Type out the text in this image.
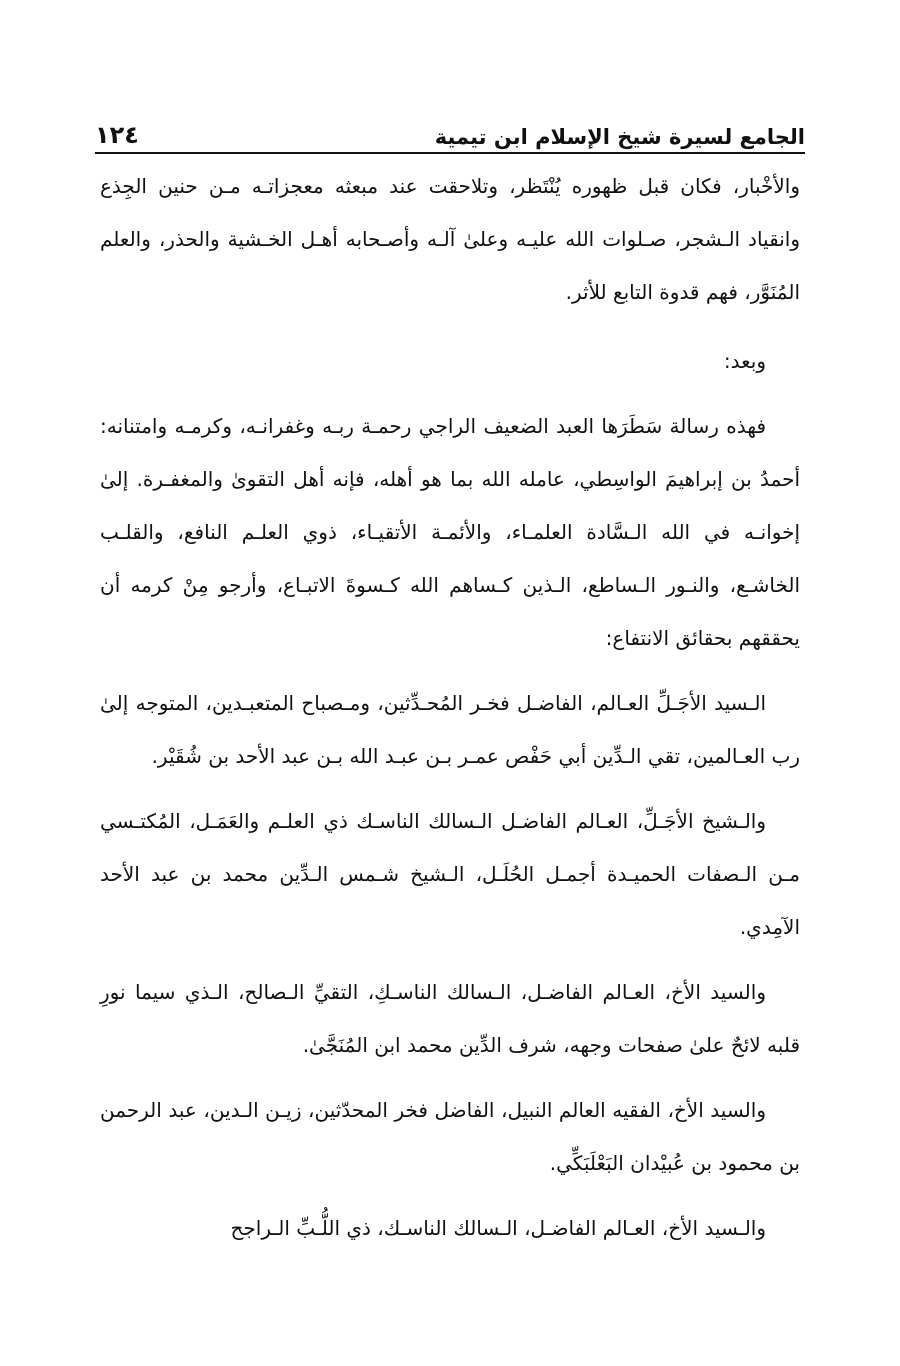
١٢٤	الجامع لسيرة شيخ الإسلام ابن تيمية

والأخْبار، فكان قبل ظهوره يُنْتَظر، وتلاحقت عند مبعثه معجزاتـه مـن حنين الجِذع وانقياد الـشجر، صـلوات الله عليـه وعلىٰ آلـه وأصـحابه أهـل الخـشية والحذر، والعلم المُنَوَّر، فهم قدوة التابع للأثر.

وبعد:

فهذه رسالة سَطَرَها العبد الضعيف الراجي رحمـة ربـه وغفرانـه، وكرمـه وامتنانه: أحمدُ بن إبراهيمَ الواسِطي، عامله الله بما هو أهله، فإنه أهل التقوىٰ والمغفـرة. إلىٰ إخوانـه في الله الـسَّادة العلمـاء، والأئمـة الأتقيـاء، ذوي العلـم النافع، والقلـب الخاشـع، والنـور الـساطع، الـذين كـساهم الله كـسوةَ الاتبـاع، وأرجو مِنْ كرمه أن يحققهم بحقائق الانتفاع:

الـسيد الأجَـلِّ العـالم، الفاضـل فخـر المُحـدِّثين، ومـصباح المتعبـدين، المتوجه إلىٰ رب العـالمين، تقي الـدِّين أبي حَفْص عمـر بـن عبـد الله بـن عبد الأحد بن شُقَيْر.

والـشيخ الأجَـلِّ، العـالم الفاضـل الـسالك الناسـك ذي العلـم والعَمَـل، المُكتـسي مـن الـصفات الحميـدة أجمـل الحُلَـل، الـشيخ شـمس الـدِّين محمد بن عبد الأحد الآمِدي.

والسيد الأخ، العـالم الفاضـل، الـسالك الناسـكِ، التقيِّ الـصالح، الـذي سيما نورِ قلبه لائحٌ علىٰ صفحات وجهه، شرف الدِّين محمد ابن المُنَجَّىٰ.

والسيد الأخ، الفقيه العالم النبيل، الفاضل فخر المحدّثين، زيـن الـدين، عبد الرحمن بن محمود بن عُبيْدان البَعْلَبَكِّي.

والـسيد الأخ، العـالم الفاضـل، الـسالك الناسـك، ذي اللُّـبِّ الـراجح
